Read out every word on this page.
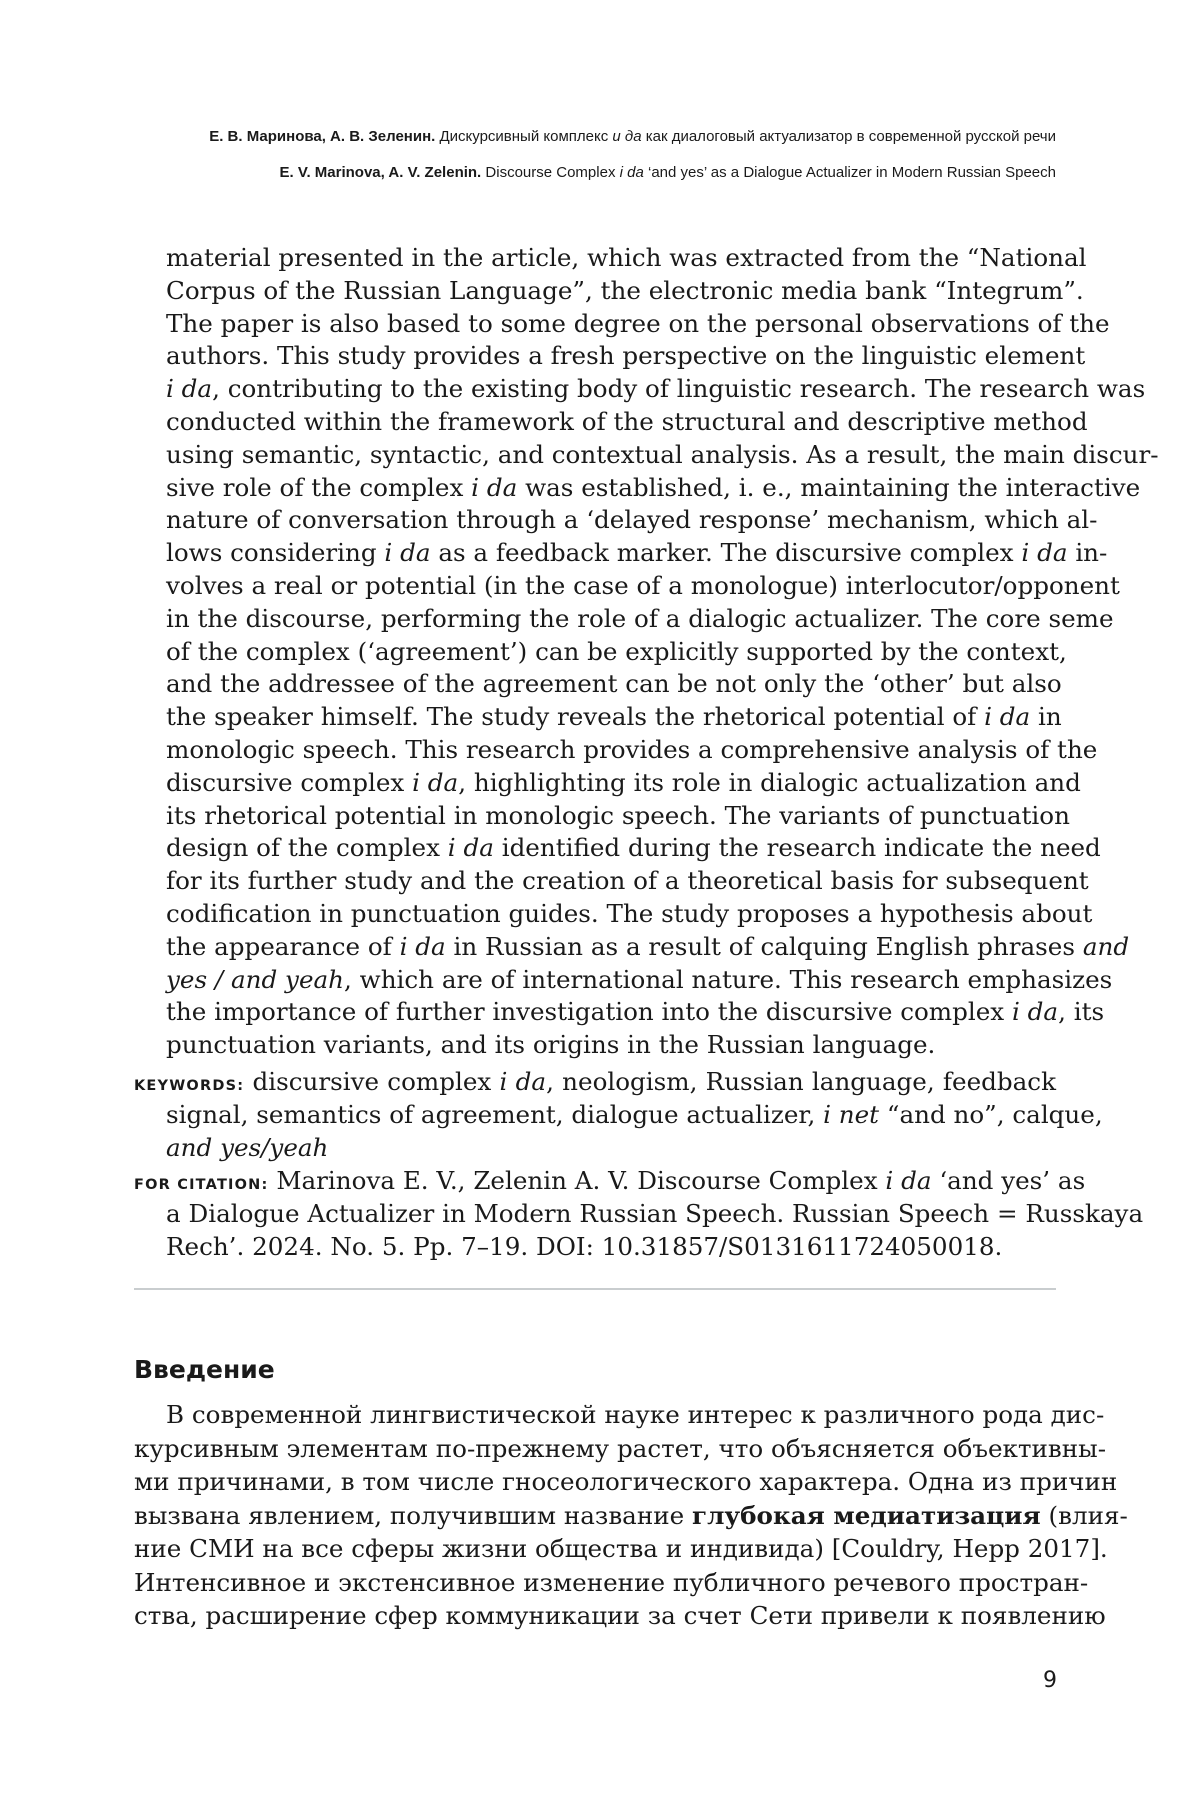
Е. В. Маринова, А. В. Зеленин. Дискурсивный комплекс и да как диалоговый актуализатор в современной русской речи
E. V. Marinova, A. V. Zelenin. Discourse Complex i da ‘and yes’ as a Dialogue Actualizer in Modern Russian Speech
material presented in the article, which was extracted from the “National
Corpus of the Russian Language”, the electronic media bank “Integrum”.
The paper is also based to some degree on the personal observations of the
authors. This study provides a fresh perspective on the linguistic element
i da, contributing to the existing body of linguistic research. The research was
conducted within the framework of the structural and descriptive method
using semantic, syntactic, and contextual analysis. As a result, the main discur-
sive role of the complex i da was established, i. e., maintaining the interactive
nature of conversation through a ‘delayed response’ mechanism, which al-
lows considering i da as a feedback marker. The discursive complex i da in-
volves a real or potential (in the case of a monologue) interlocutor/opponent
in the discourse, performing the role of a dialogic actualizer. The core seme
of the complex (‘agreement’) can be explicitly supported by the context,
and the addressee of the agreement can be not only the ‘other’ but also
the speaker himself. The study reveals the rhetorical potential of i da in
monologic speech. This research provides a comprehensive analysis of the
discursive complex i da, highlighting its role in dialogic actualization and
its rhetorical potential in monologic speech. The variants of punctuation
design of the complex i da identified during the research indicate the need
for its further study and the creation of a theoretical basis for subsequent
codification in punctuation guides. The study proposes a hypothesis about
the appearance of i da in Russian as a result of calquing English phrases and
yes / and yeah, which are of international nature. This research emphasizes
the importance of further investigation into the discursive complex i da, its
punctuation variants, and its origins in the Russian language.
KEYWORDS: discursive complex i da, neologism, Russian language, feedback
signal, semantics of agreement, dialogue actualizer, i net “and no”, calque,
and yes/yeah
FOR CITATION: Marinova E. V., Zelenin A. V. Discourse Complex i da ‘and yes’ as
a Dialogue Actualizer in Modern Russian Speech. Russian Speech = Russkaya
Rech’. 2024. No. 5. Pp. 7–19. DOI: 10.31857/S0131611724050018.
Введение
В современной лингвистической науке интерес к различного рода дис-
курсивным элементам по-прежнему растет, что объясняется объективны-
ми причинами, в том числе гносеологического характера. Одна из причин
вызвана явлением, получившим название глубокая медиатизация (влия-
ние СМИ на все сферы жизни общества и индивида) [Couldry, Hepp 2017].
Интенсивное и экстенсивное изменение публичного речевого простран-
ства, расширение сфер коммуникации за счет Сети привели к появлению
9
